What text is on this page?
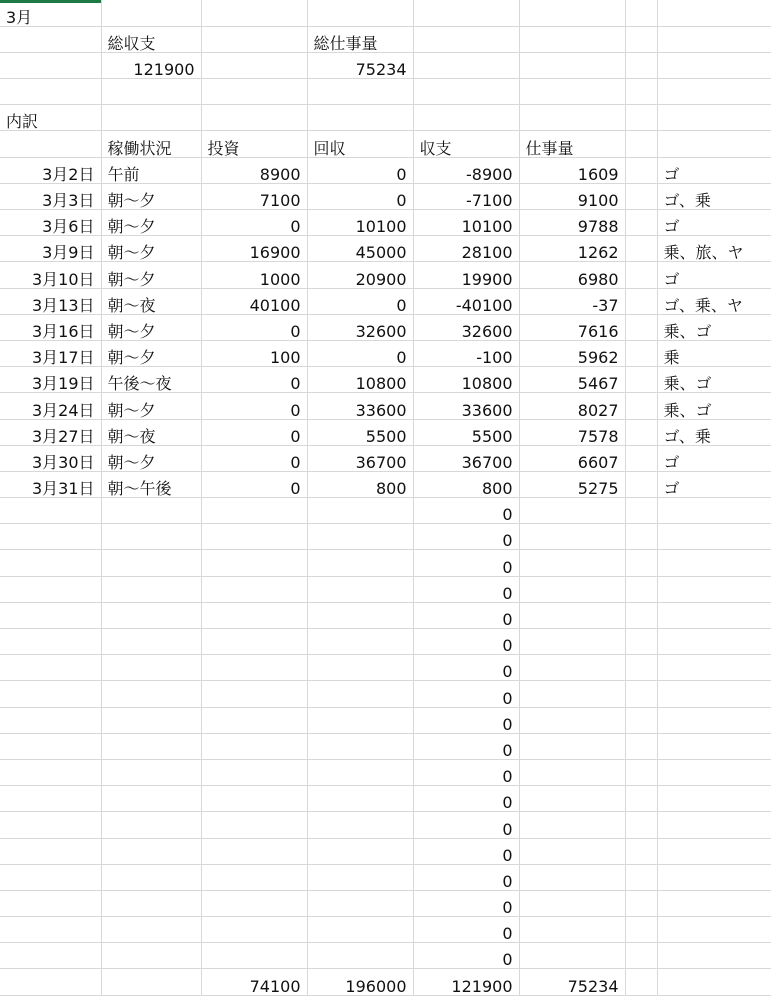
3月							
	総収支		総仕事量				
	121900		75234				

内訳							
	稼働状況	投資	回収	収支	仕事量		
3月2日	午前	8900	0	-8900	1609		ゴ
3月3日	朝～夕	7100	0	-7100	9100		ゴ、乗
3月6日	朝～夕	0	10100	10100	9788		ゴ
3月9日	朝～夕	16900	45000	28100	1262		乗、旅、ヤ
3月10日	朝～夕	1000	20900	19900	6980		ゴ
3月13日	朝～夜	40100	0	-40100	-37		ゴ、乗、ヤ
3月16日	朝～夕	0	32600	32600	7616		乗、ゴ
3月17日	朝～夕	100	0	-100	5962		乗
3月19日	午後～夜	0	10800	10800	5467		乗、ゴ
3月24日	朝～夕	0	33600	33600	8027		乗、ゴ
3月27日	朝～夜	0	5500	5500	7578		ゴ、乗
3月30日	朝～夕	0	36700	36700	6607		ゴ
3月31日	朝～午後	0	800	800	5275		ゴ
				0			
				0			
				0			
				0			
				0			
				0			
				0			
				0			
				0			
				0			
				0			
				0			
				0			
				0			
				0			
				0			
				0			
				0			
		74100	196000	121900	75234		
